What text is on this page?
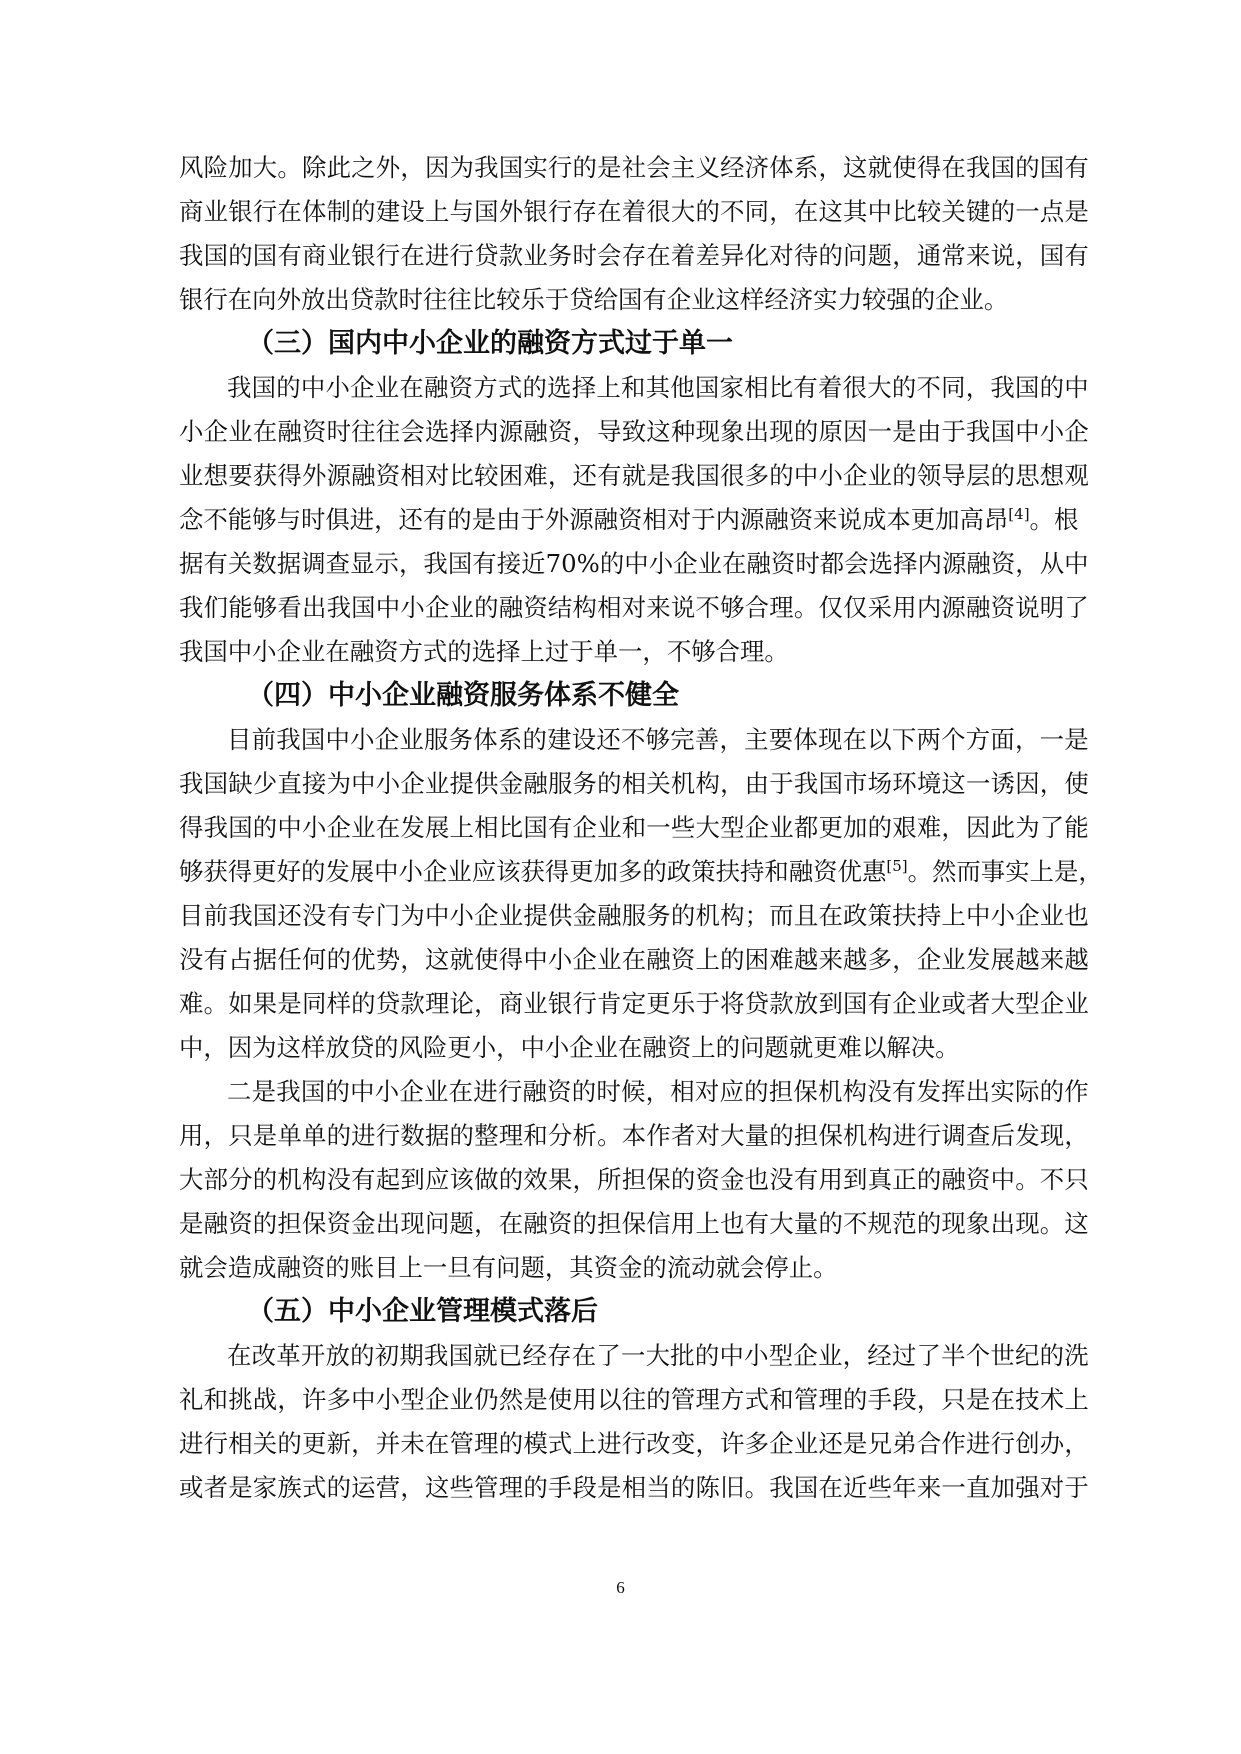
风 险 加 大 。 除 此 之 外 ， 因 为 我 国 实 行 的 是 社 会 主 义 经 济 体 系 ， 这 就 使 得 在 我 国 的 国 有
商 业 银 行 在 体 制 的 建 设 上 与 国 外 银 行 存 在 着 很 大 的 不 同 ， 在 这 其 中 比 较 关 键 的 一 点 是
我 国 的 国 有 商 业 银 行 在 进 行 贷 款 业 务 时 会 存 在 着 差 异 化 对 待 的 问 题 ， 通 常 来 说 ， 国 有
银行在向外放出贷款时往往比较乐于贷给国有企业这样经济实力较强的企业。
（三）国内中小企业的融资方式过于单一
我 国 的 中 小 企 业 在 融 资 方 式 的 选 择 上 和 其 他 国 家 相 比 有 着 很 大 的 不 同 ， 我 国 的 中
小 企 业 在 融 资 时 往 往 会 选 择 内 源 融 资 ， 导 致 这 种 现 象 出 现 的 原 因 一 是 由 于 我 国 中 小 企
业 想 要 获 得 外 源 融 资 相 对 比 较 困 难 ， 还 有 就 是 我 国 很 多 的 中 小 企 业 的 领 导 层 的 思 想 观
念不能够与时俱进，还有的是由于外源融资相对于内源融资来说成本更加高昂[4]。根
据 有 关 数 据 调 查 显 示 ， 我 国 有 接 近 70% 的 中 小 企 业 在 融 资 时 都 会 选 择 内 源 融 资 ， 从 中
我 们 能 够 看 出 我 国 中 小 企 业 的 融 资 结 构 相 对 来 说 不 够 合 理 。 仅 仅 采 用 内 源 融 资 说 明 了
我国中小企业在融资方式的选择上过于单一，不够合理。
（四）中小企业融资服务体系不健全
目 前 我 国 中 小 企 业 服 务 体 系 的 建 设 还 不 够 完 善 ， 主 要 体 现 在 以 下 两 个 方 面 ， 一 是
我 国 缺 少 直 接 为 中 小 企 业 提 供 金 融 服 务 的 相 关 机 构 ， 由 于 我 国 市 场 环 境 这 一 诱 因 ， 使
得 我 国 的 中 小 企 业 在 发 展 上 相 比 国 有 企 业 和 一 些 大 型 企 业 都 更 加 的 艰 难 ， 因 此 为 了 能
够获得更好的发展中小企业应该获得更加多的政策扶持和融资优惠[5]。然而事实上是，
目 前 我 国 还 没 有 专 门 为 中 小 企 业 提 供 金 融 服 务 的 机 构 ； 而 且 在 政 策 扶 持 上 中 小 企 业 也
没 有 占 据 任 何 的 优 势 ， 这 就 使 得 中 小 企 业 在 融 资 上 的 困 难 越 来 越 多 ， 企 业 发 展 越 来 越
难 。 如 果 是 同 样 的 贷 款 理 论 ， 商 业 银 行 肯 定 更 乐 于 将 贷 款 放 到 国 有 企 业 或 者 大 型 企 业
中，因为这样放贷的风险更小，中小企业在融资上的问题就更难以解决。
二 是 我 国 的 中 小 企 业 在 进 行 融 资 的 时 候 ， 相 对 应 的 担 保 机 构 没 有 发 挥 出 实 际 的 作
用 ， 只 是 单 单 的 进 行 数 据 的 整 理 和 分 析 。 本 作 者 对 大 量 的 担 保 机 构 进 行 调 查 后 发 现 ，
大 部 分 的 机 构 没 有 起 到 应 该 做 的 效 果 ， 所 担 保 的 资 金 也 没 有 用 到 真 正 的 融 资 中 。 不 只
是 融 资 的 担 保 资 金 出 现 问 题 ， 在 融 资 的 担 保 信 用 上 也 有 大 量 的 不 规 范 的 现 象 出 现 。 这
就会造成融资的账目上一旦有问题，其资金的流动就会停止。
（五）中小企业管理模式落后
在 改 革 开 放 的 初 期 我 国 就 已 经 存 在 了 一 大 批 的 中 小 型 企 业 ， 经 过 了 半 个 世 纪 的 洗
礼 和 挑 战 ， 许 多 中 小 型 企 业 仍 然 是 使 用 以 往 的 管 理 方 式 和 管 理 的 手 段 ， 只 是 在 技 术 上
进 行 相 关 的 更 新 ， 并 未 在 管 理 的 模 式 上 进 行 改 变 ， 许 多 企 业 还 是 兄 弟 合 作 进 行 创 办 ，
或 者 是 家 族 式 的 运 营 ， 这 些 管 理 的 手 段 是 相 当 的 陈 旧 。 我 国 在 近 些 年 来 一 直 加 强 对 于
6
